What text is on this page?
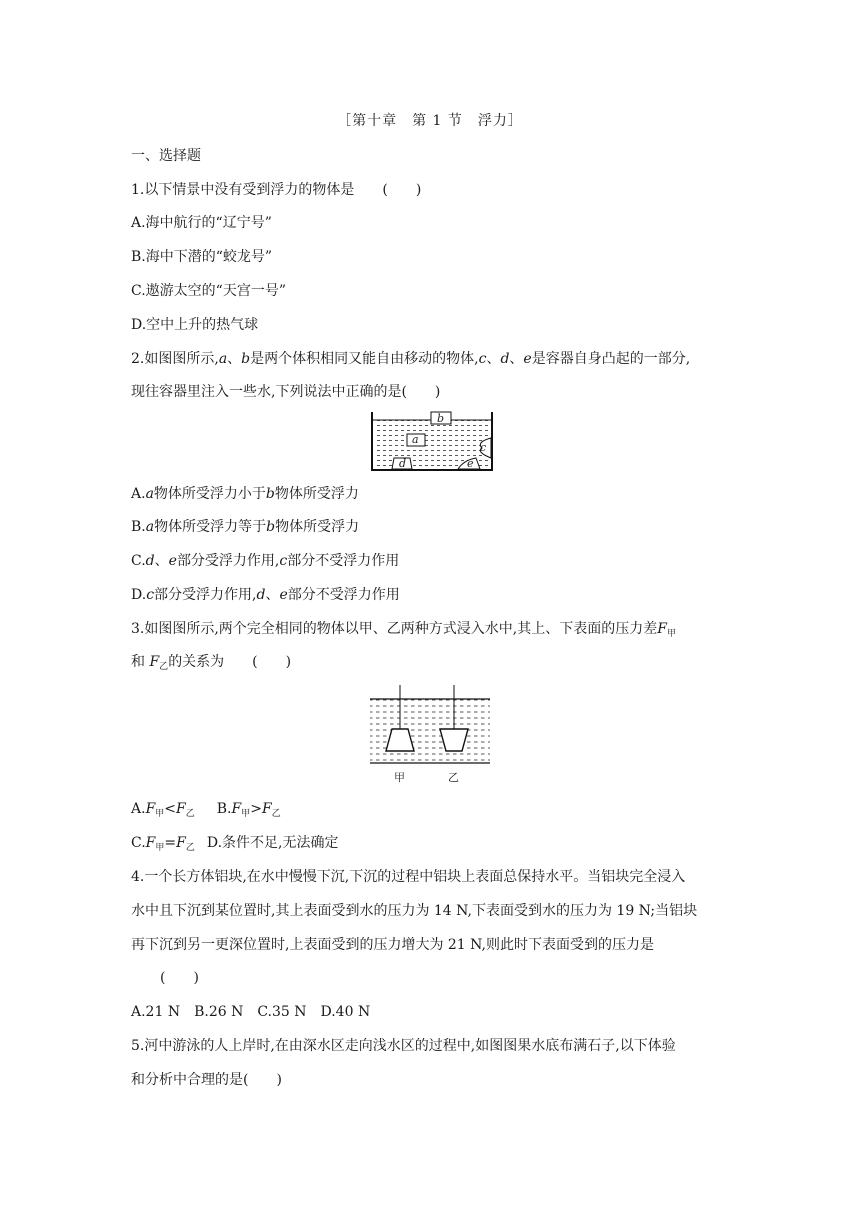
［第十章　第 1 节　浮力］
一、选择题
1.以下情景中没有受到浮力的物体是　　(　　)
A.海中航行的“辽宁号”
B.海中下潜的“蛟龙号”
C.遨游太空的“天宫一号”
D.空中上升的热气球
2.如图图所示,a、b是两个体积相同又能自由移动的物体,c、d、e是容器自身凸起的一部分,
现往容器里注入一些水,下列说法中正确的是(　　)
a
b
c
d	e
A.a物体所受浮力小于b物体所受浮力
B.a物体所受浮力等于b物体所受浮力
C.d、e部分受浮力作用,c部分不受浮力作用
D.c部分受浮力作用,d、e部分不受浮力作用
3.如图图所示,两个完全相同的物体以甲、乙两种方式浸入水中,其上、下表面的压力差$F_甲$
和 $F_乙$的关系为　　(　　)
甲	乙
$A.F_甲<F_乙$ $B.F_甲>F_乙$
$C.F_甲=F_乙$ D.条件不足,无法确定
4.一个长方体铝块,在水中慢慢下沉,下沉的过程中铝块上表面总保持水平。当铝块完全浸入
水中且下沉到某位置时,其上表面受到水的压力为 14 N,下表面受到水的压力为 19 N;当铝块
再下沉到另一更深位置时,上表面受到的压力增大为 21 N,则此时下表面受到的压力是
(　　)
A.21 N　B.26 N　C.35 N　D.40 N
5.河中游泳的人上岸时,在由深水区走向浅水区的过程中,如图图果水底布满石子,以下体验
和分析中合理的是(　　)
